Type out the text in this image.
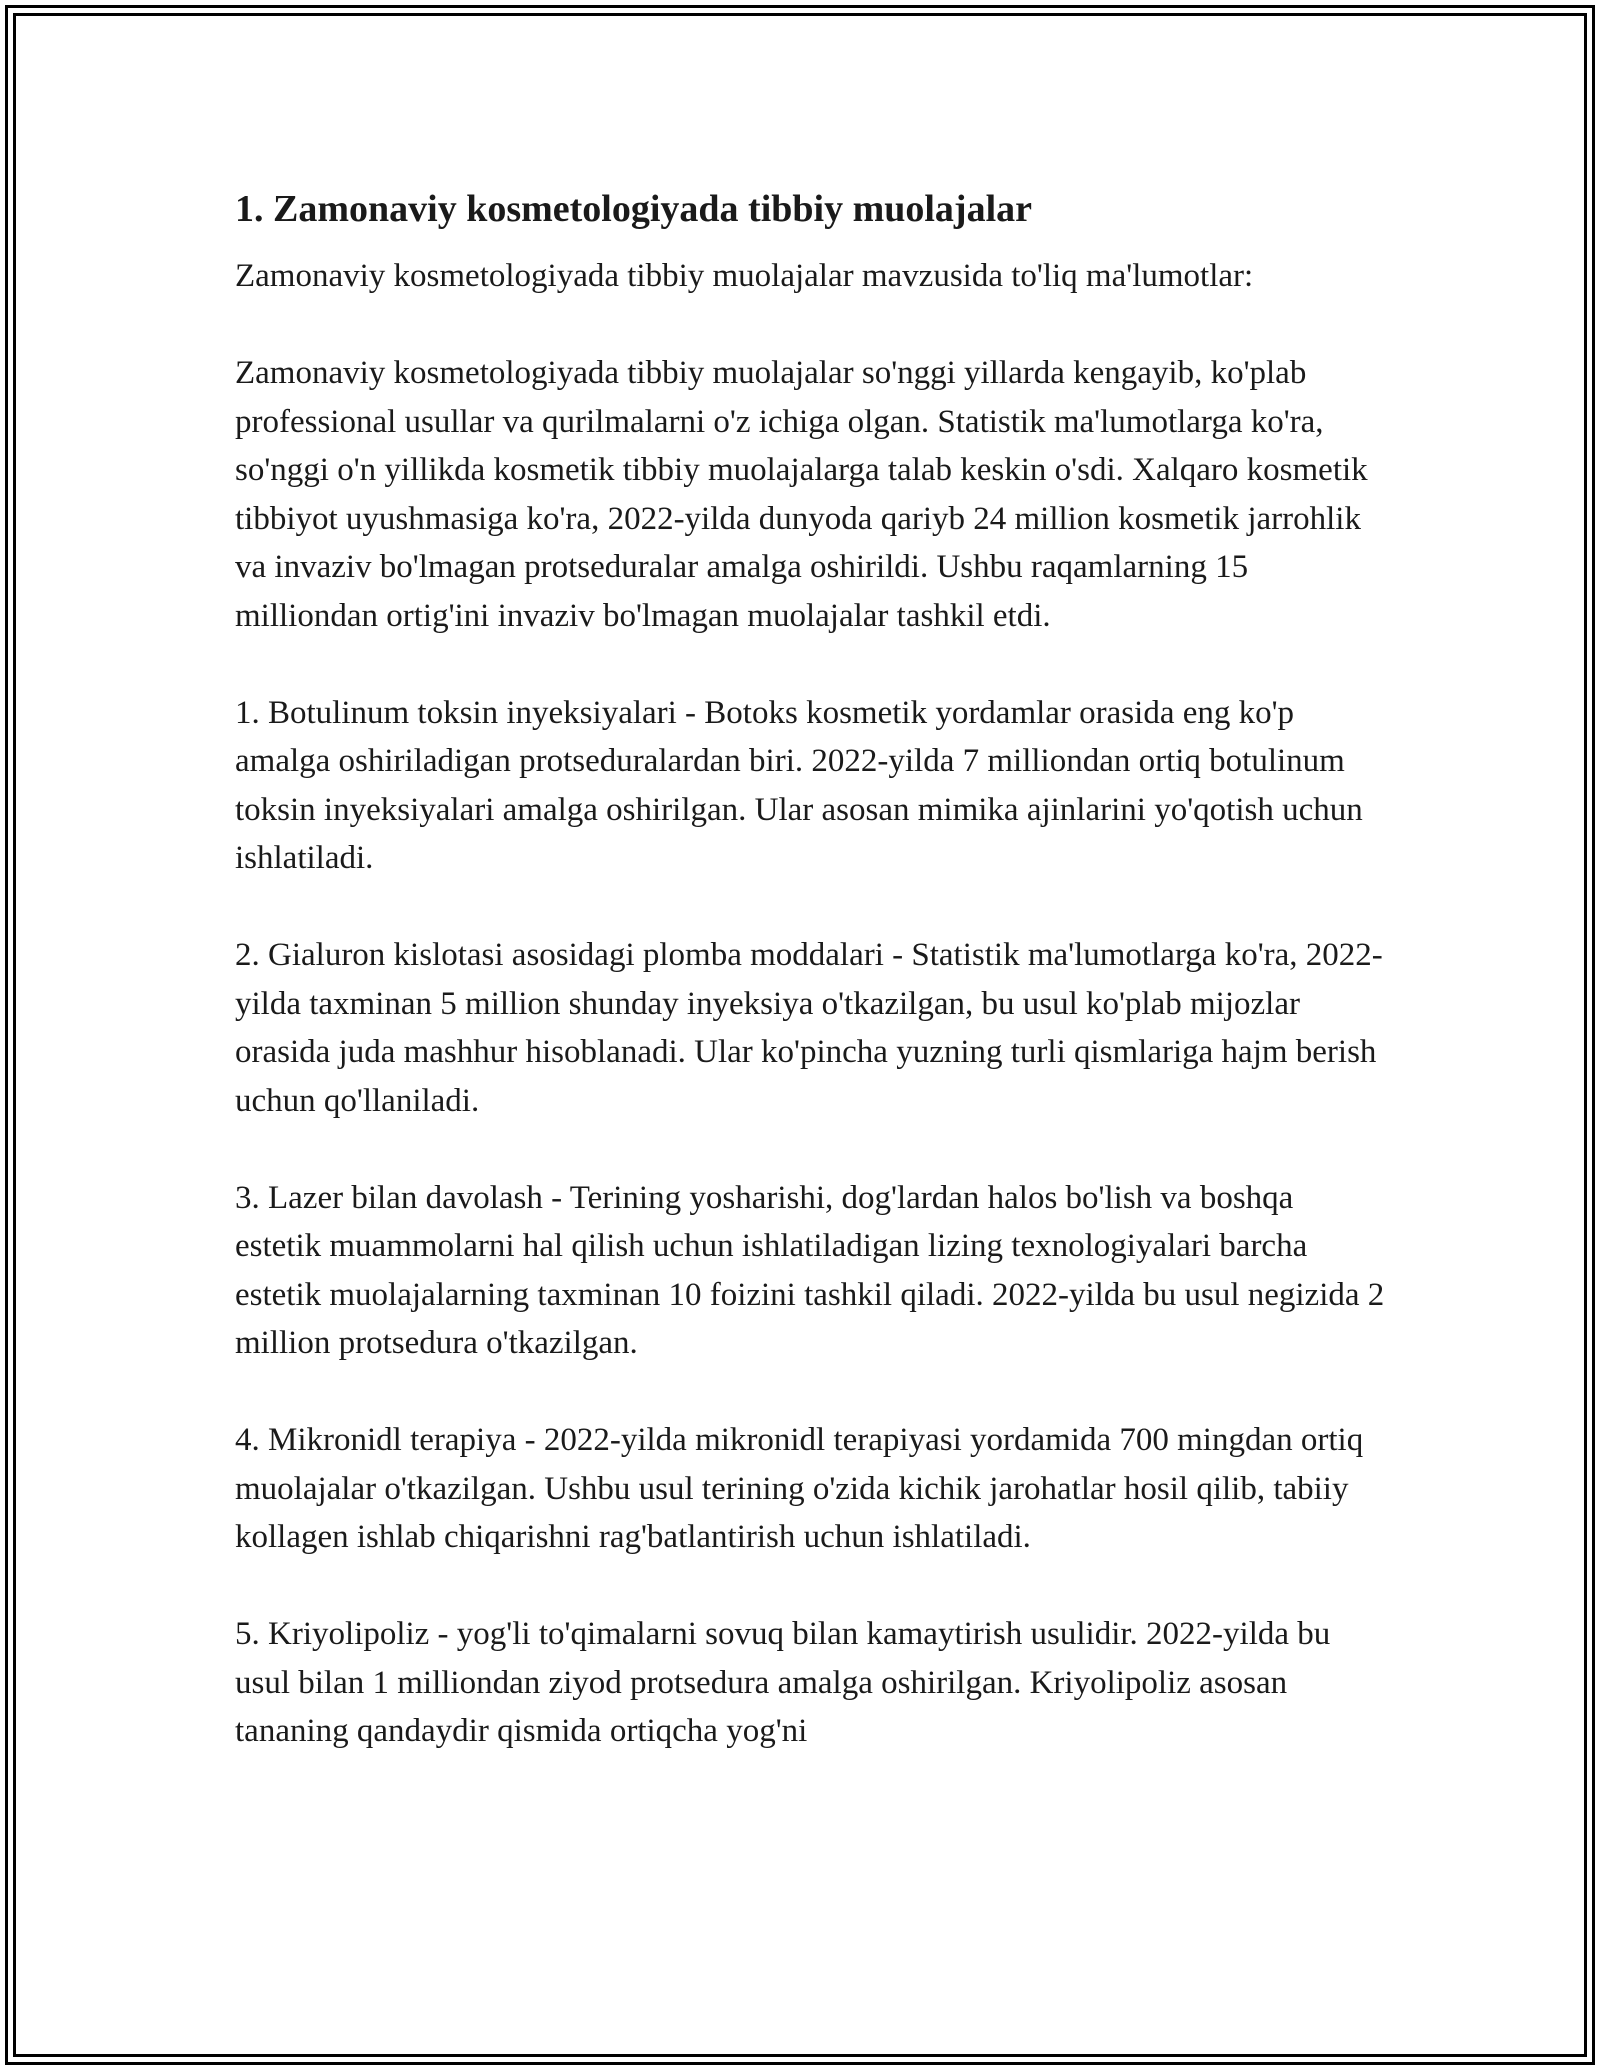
1. Zamonaviy kosmetologiyada tibbiy muolajalar

Zamonaviy kosmetologiyada tibbiy muolajalar mavzusida to'liq ma'lumotlar:

Zamonaviy kosmetologiyada tibbiy muolajalar so'nggi yillarda kengayib, ko'plab professional usullar va qurilmalarni o'z ichiga olgan. Statistik ma'lumotlarga ko'ra, so'nggi o'n yillikda kosmetik tibbiy muolajalarga talab keskin o'sdi. Xalqaro kosmetik tibbiyot uyushmasiga ko'ra, 2022-yilda dunyoda qariyb 24 million kosmetik jarrohlik va invaziv bo'lmagan protseduralar amalga oshirildi. Ushbu raqamlarning 15 milliondan ortig'ini invaziv bo'lmagan muolajalar tashkil etdi.

1. Botulinum toksin inyeksiyalari - Botoks kosmetik yordamlar orasida eng ko'p amalga oshiriladigan protseduralardan biri. 2022-yilda 7 milliondan ortiq botulinum toksin inyeksiyalari amalga oshirilgan. Ular asosan mimika ajinlarini yo'qotish uchun ishlatiladi.

2. Gialuron kislotasi asosidagi plomba moddalari - Statistik ma'lumotlarga ko'ra, 2022-yilda taxminan 5 million shunday inyeksiya o'tkazilgan, bu usul ko'plab mijozlar orasida juda mashhur hisoblanadi. Ular ko'pincha yuzning turli qismlariga hajm berish uchun qo'llaniladi.

3. Lazer bilan davolash - Terining yosharishi, dog'lardan halos bo'lish va boshqa estetik muammolarni hal qilish uchun ishlatiladigan lizing texnologiyalari barcha estetik muolajalarning taxminan 10 foizini tashkil qiladi. 2022-yilda bu usul negizida 2 million protsedura o'tkazilgan.

4. Mikronidl terapiya - 2022-yilda mikronidl terapiyasi yordamida 700 mingdan ortiq muolajalar o'tkazilgan. Ushbu usul terining o'zida kichik jarohatlar hosil qilib, tabiiy kollagen ishlab chiqarishni rag'batlantirish uchun ishlatiladi.

5. Kriyolipoliz - yog'li to'qimalarni sovuq bilan kamaytirish usulidir. 2022-yilda bu usul bilan 1 milliondan ziyod protsedura amalga oshirilgan. Kriyolipoliz asosan tananing qandaydir qismida ortiqcha yog'ni
